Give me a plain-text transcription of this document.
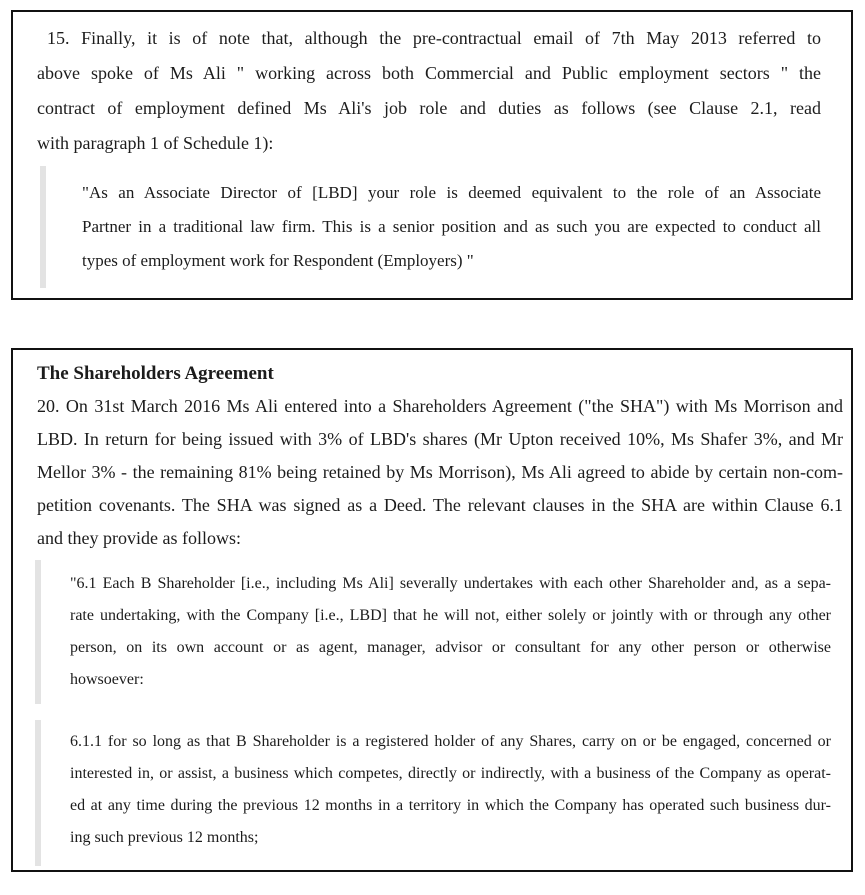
15. Finally, it is of note that, although the pre-contractual email of 7th May 2013 referred to
above spoke of Ms Ali " working across both Commercial and Public employment sectors " the
contract of employment defined Ms Ali's job role and duties as follows (see Clause 2.1, read
with paragraph 1 of Schedule 1):
"As an Associate Director of [LBD] your role is deemed equivalent to the role of an Associate
Partner in a traditional law firm. This is a senior position and as such you are expected to conduct all
types of employment work for Respondent (Employers) "
The Shareholders Agreement
20. On 31st March 2016 Ms Ali entered into a Shareholders Agreement ("the SHA") with Ms Morrison and
LBD. In return for being issued with 3% of LBD's shares (Mr Upton received 10%, Ms Shafer 3%, and Mr
Mellor 3% - the remaining 81% being retained by Ms Morrison), Ms Ali agreed to abide by certain non-com-
petition covenants. The SHA was signed as a Deed. The relevant clauses in the SHA are within Clause 6.1
and they provide as follows:
"6.1 Each B Shareholder [i.e., including Ms Ali] severally undertakes with each other Shareholder and, as a sepa-
rate undertaking, with the Company [i.e., LBD] that he will not, either solely or jointly with or through any other
person, on its own account or as agent, manager, advisor or consultant for any other person or otherwise
howsoever:
6.1.1 for so long as that B Shareholder is a registered holder of any Shares, carry on or be engaged, concerned or
interested in, or assist, a business which competes, directly or indirectly, with a business of the Company as operat-
ed at any time during the previous 12 months in a territory in which the Company has operated such business dur-
ing such previous 12 months;
